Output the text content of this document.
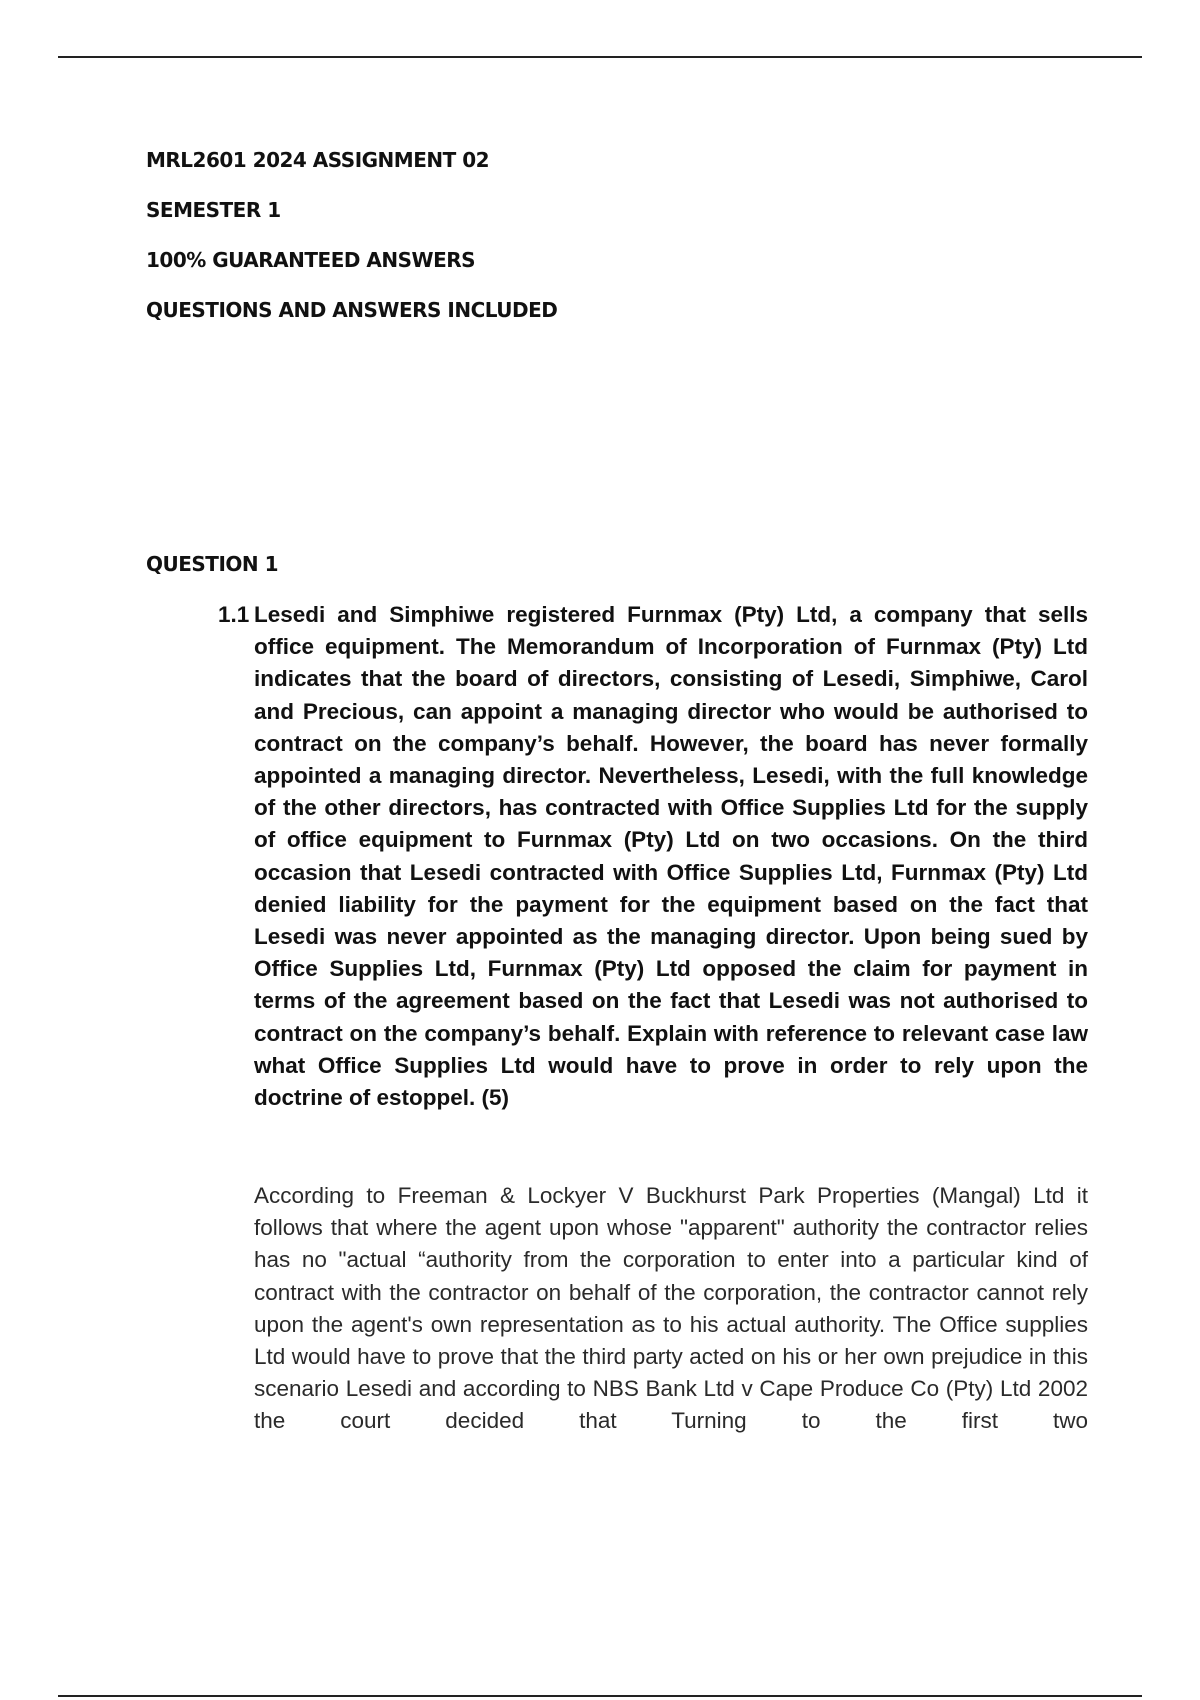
MRL2601 2024 ASSIGNMENT 02

SEMESTER 1

100% GUARANTEED ANSWERS

QUESTIONS AND ANSWERS INCLUDED

QUESTION 1

1.1 Lesedi and Simphiwe registered Furnmax (Pty) Ltd, a company that sells office equipment. The Memorandum of Incorporation of Furnmax (Pty) Ltd indicates that the board of directors, consisting of Lesedi, Simphiwe, Carol and Precious, can appoint a managing director who would be authorised to contract on the company’s behalf. However, the board has never formally appointed a managing director. Nevertheless, Lesedi, with the full knowledge of the other directors, has contracted with Office Supplies Ltd for the supply of office equipment to Furnmax (Pty) Ltd on two occasions. On the third occasion that Lesedi contracted with Office Supplies Ltd, Furnmax (Pty) Ltd denied liability for the payment for the equipment based on the fact that Lesedi was never appointed as the managing director. Upon being sued by Office Supplies Ltd, Furnmax (Pty) Ltd opposed the claim for payment in terms of the agreement based on the fact that Lesedi was not authorised to contract on the company’s behalf. Explain with reference to relevant case law what Office Supplies Ltd would have to prove in order to rely upon the doctrine of estoppel. (5)

According to Freeman & Lockyer V Buckhurst Park Properties (Mangal) Ltd it follows that where the agent upon whose "apparent" authority the contractor relies has no "actual “authority from the corporation to enter into a particular kind of contract with the contractor on behalf of the corporation, the contractor cannot rely upon the agent's own representation as to his actual authority. The Office supplies Ltd would have to prove that the third party acted on his or her own prejudice in this scenario Lesedi and according to NBS Bank Ltd v Cape Produce Co (Pty) Ltd 2002 the court decided that Turning to the first two
